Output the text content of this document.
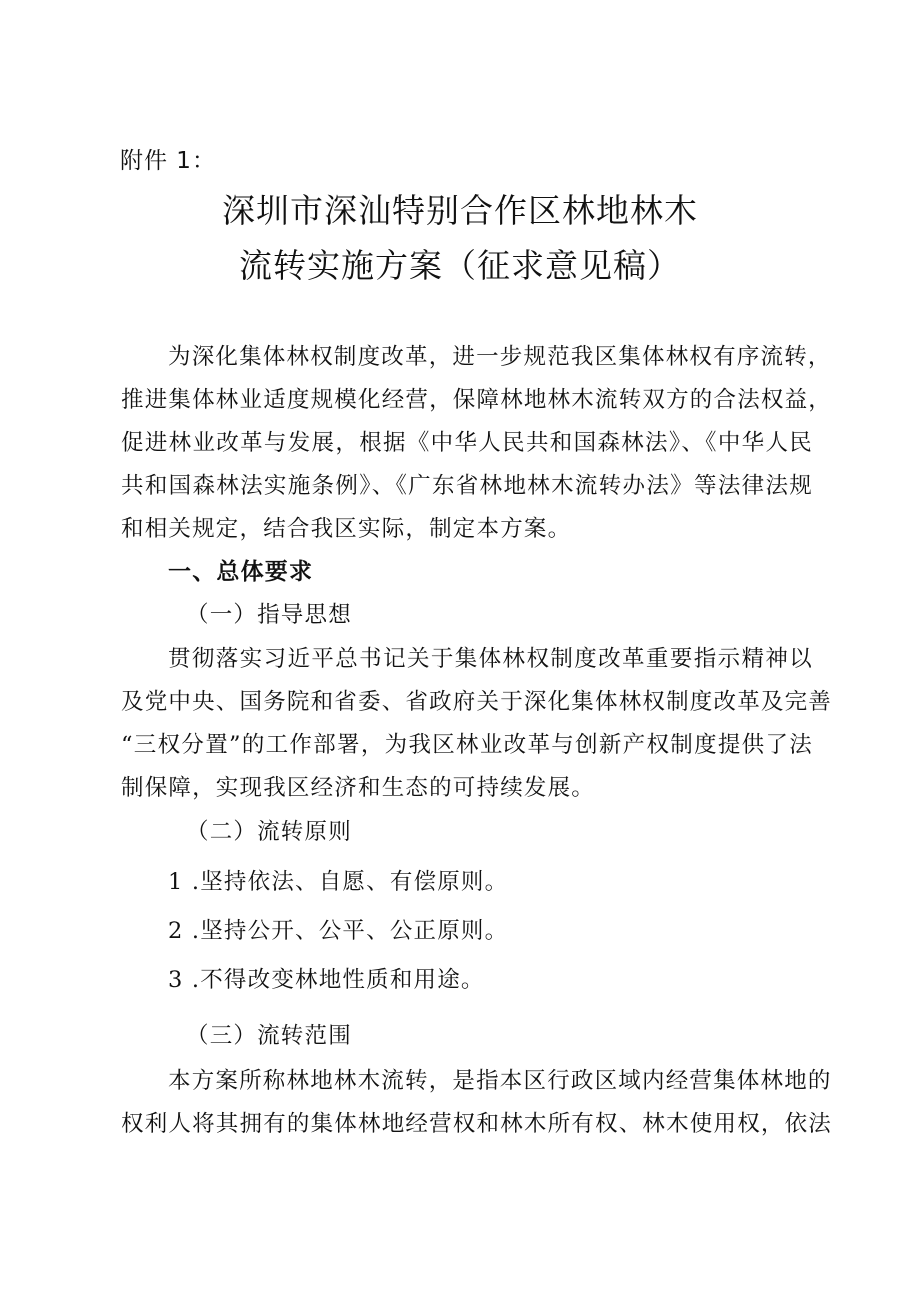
附件 1：
深圳市深汕特别合作区林地林木
流转实施方案（征求意见稿）
为深化集体林权制度改革，进一步规范我区集体林权有序流转，
推进集体林业适度规模化经营，保障林地林木流转双方的合法权益，
促进林业改革与发展，根据《中华人民共和国森林法》、《中华人民
共和国森林法实施条例》、《广东省林地林木流转办法》等法律法规
和相关规定，结合我区实际，制定本方案。
一、总体要求
（一）指导思想
贯彻落实习近平总书记关于集体林权制度改革重要指示精神以
及党中央、国务院和省委、省政府关于深化集体林权制度改革及完善
“三权分置”的工作部署，为我区林业改革与创新产权制度提供了法
制保障，实现我区经济和生态的可持续发展。
（二）流转原则
1 .坚持依法、自愿、有偿原则。
2 .坚持公开、公平、公正原则。
3 .不得改变林地性质和用途。
（三）流转范围
本方案所称林地林木流转，是指本区行政区域内经营集体林地的
权利人将其拥有的集体林地经营权和林木所有权、林木使用权，依法
